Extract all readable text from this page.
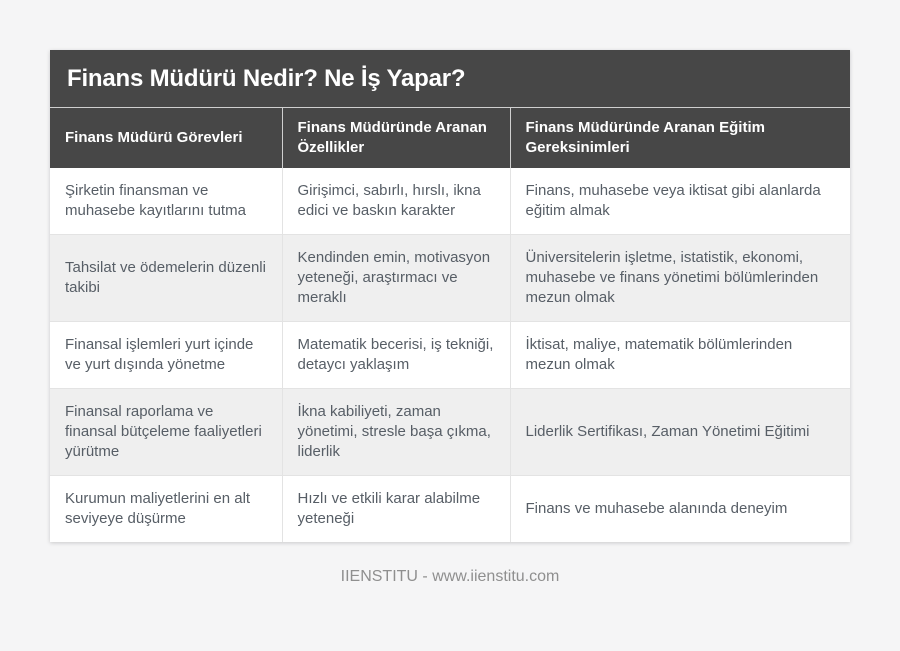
Finans Müdürü Nedir? Ne İş Yapar?
Finans Müdürü Görevleri	Finans Müdüründe Aranan Özellikler	Finans Müdüründe Aranan Eğitim Gereksinimleri
Şirketin finansman ve muhasebe kayıtlarını tutma	Girişimci, sabırlı, hırslı, ikna edici ve baskın karakter	Finans, muhasebe veya iktisat gibi alanlarda eğitim almak
Tahsilat ve ödemelerin düzenli takibi	Kendinden emin, motivasyon yeteneği, araştırmacı ve meraklı	Üniversitelerin işletme, istatistik, ekonomi, muhasebe ve finans yönetimi bölümlerinden mezun olmak
Finansal işlemleri yurt içinde ve yurt dışında yönetme	Matematik becerisi, iş tekniği, detaycı yaklaşım	İktisat, maliye, matematik bölümlerinden mezun olmak
Finansal raporlama ve finansal bütçeleme faaliyetleri yürütme	İkna kabiliyeti, zaman yönetimi, stresle başa çıkma, liderlik	Liderlik Sertifikası, Zaman Yönetimi Eğitimi
Kurumun maliyetlerini en alt seviyeye düşürme	Hızlı ve etkili karar alabilme yeteneği	Finans ve muhasebe alanında deneyim
IIENSTITU - www.iienstitu.com
